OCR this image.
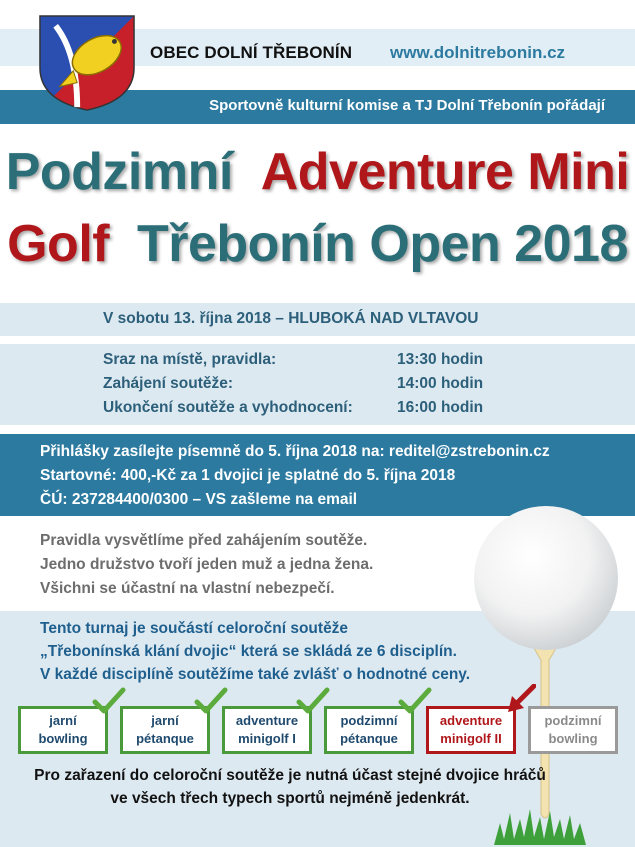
OBEC DOLNÍ TŘEBONÍN www.dolnitrebonin.cz
Sportovně kulturní komise a TJ Dolní Třebonín pořádají
Podzimní Adventure Mini
Golf Třebonín Open 2018
V sobotu 13. října 2018 – HLUBOKÁ NAD VLTAVOU
Sraz na místě, pravidla:	13:30 hodin
Zahájení soutěže:	14:00 hodin
Ukončení soutěže a vyhodnocení:	16:00 hodin
Přihlášky zasílejte písemně do 5. října 2018 na: reditel@zstrebonin.cz
Startovné: 400,-Kč za 1 dvojici je splatné do 5. října 2018
ČÚ: 237284400/0300 – VS zašleme na email
Pravidla vysvětlíme před zahájením soutěže.
Jedno družstvo tvoří jeden muž a jedna žena.
Všichni se účastní na vlastní nebezpečí.
Tento turnaj je součástí celoroční soutěže
„Třebonínská klání dvojic“ která se skládá ze 6 disciplín.
V každé disciplíně soutěžíme také zvlášť o hodnotné ceny.
jarní
bowling
jarní
pétanque
adventure
minigolf I
podzimní
pétanque
adventure
minigolf II
podzimní
bowling
Pro zařazení do celoroční soutěže je nutná účast stejné dvojice hráčů
ve všech třech typech sportů nejméně jedenkrát.
